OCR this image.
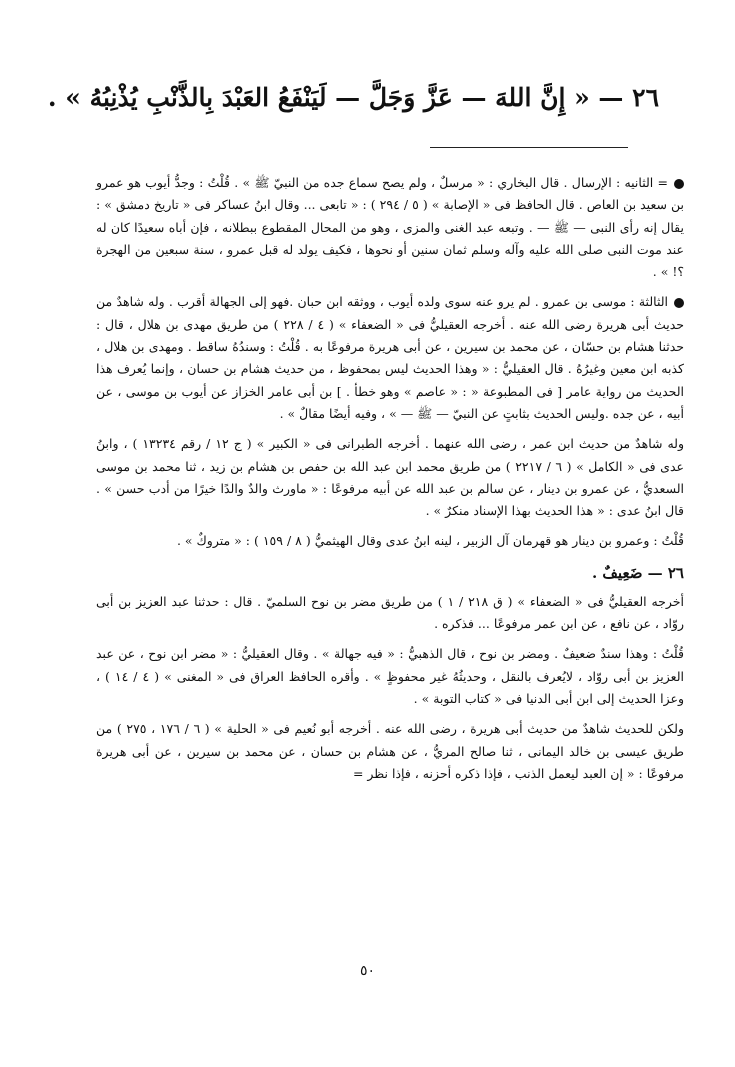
٢٦ — « إِنَّ اللهَ — عَزَّ وَجَلَّ — لَيَنْفَعُ العَبْدَ بِالذَّنْبِ يُذْنِبُهُ » .

= الثانيه : الإرسال . قال البخاري : « مرسلٌ ، ولم يصح سماع جده من النبيّ ﷺ » . قُلْتُ : وجدُّ أيوب هو عمرو بن سعيد بن العاص . قال الحافظ فى « الإصابة » ( ٥ / ٢٩٤ ) : « تابعى ... وقال ابنُ عساكر فى « تاريخ دمشق » : يقال إنه رأى النبى — ﷺ — . وتبعه عبد الغنى والمزى ، وهو من المحال المقطوع ببطلانه ، فإن أباه سعيدًا كان له عند موت النبى صلى الله عليه وآله وسلم ثمان سنين أو نحوها ، فكيف يولد له قبل عمرو ، سنة سبعين من الهجرة ؟! » .

الثالثة : موسى بن عمرو . لم يرو عنه سوى ولده أيوب ، ووثقه ابن حبان .فهو إلى الجهالة أقرب . وله شاهدٌ من حديث أبى هريرة رضى الله عنه . أخرجه العقيليُّ فى « الضعفاء » ( ٤ / ٢٢٨ ) من طريق مهدى بن هلال ، قال : حدثنا هشام بن حسّان ، عن محمد بن سيرين ، عن أبى هريرة مرفوعًا به . قُلْتُ : وسندُهُ ساقط . ومهدى بن هلال ، كذبه ابن معين وغيرُهُ . قال العقيليُّ : « وهذا الحديث ليس بمحفوظ ، من حديث هشام بن حسان ، وإنما يُعرف هذا الحديث من رواية عامر [ فى المطبوعة « : « عاصم » وهو خطأ . ] بن أبى عامر الخزاز عن أيوب بن موسى ، عن أبيه ، عن جده .وليس الحديث بثابتٍ عن النبيّ — ﷺ — » ، وفيه أيضًا مقالٌ » .

وله شاهدٌ من حديث ابن عمر ، رضى الله عنهما . أخرجه الطبرانى فى « الكبير » ( ج ١٢ / رقم ١٣٢٣٤ ) ، وابنُ عدى فى « الكامل » ( ٦ / ٢٢١٧ ) من طريق محمد ابن عبد الله بن حفص بن هشام بن زيد ، ثنا محمد بن موسى السعديُّ ، عن عمرو بن دينار ، عن سالم بن عبد الله عن أبيه مرفوعًا : « ماورث والدٌ والدًا خيرًا من أدب حسن » . قال ابنُ عدى : « هذا الحديث بهذا الإسناد منكرٌ » .

قُلْتُ : وعمرو بن دينار هو قهرمان آل الزبير ، لينه ابنُ عدى وقال الهيثميُّ ( ٨ / ١٥٩ ) : « متروكٌ » .

٢٦ — ضَعِيفٌ .

أخرجه العقيليُّ فى « الضعفاء » ( ق ٢١٨ / ١ ) من طريق مضر بن نوح السلميّ . قال : حدثنا عبد العزيز بن أبى روّاد ، عن نافع ، عن ابن عمر مرفوعًا ... فذكره .

قُلْتُ : وهذا سندٌ ضعيفٌ . ومضر بن نوح ، قال الذهبيُّ : « فيه جهالة » . وقال العقيليُّ : « مضر ابن نوح ، عن عبد العزيز بن أبى روّاد ، لايُعرف بالنقل ، وحديثُهُ غير محفوظٍ » . وأقره الحافظ العراق فى « المغنى » ( ٤ / ١٤ ) ، وعزا الحديث إلى ابن أبى الدنيا فى « كتاب التوبة » .

ولكن للحديث شاهدٌ من حديث أبى هريرة ، رضى الله عنه . أخرجه أبو نُعيم فى « الحلية » ( ٦ / ١٧٦ ، ٢٧٥ ) من طريق عيسى بن خالد اليمانى ، ثنا صالح المريُّ ، عن هشام بن حسان ، عن محمد بن سيرين ، عن أبى هريرة مرفوعًا : « إن العبد ليعمل الذنب ، فإذا ذكره أحزنه ، فإذا نظر =

٥٠
